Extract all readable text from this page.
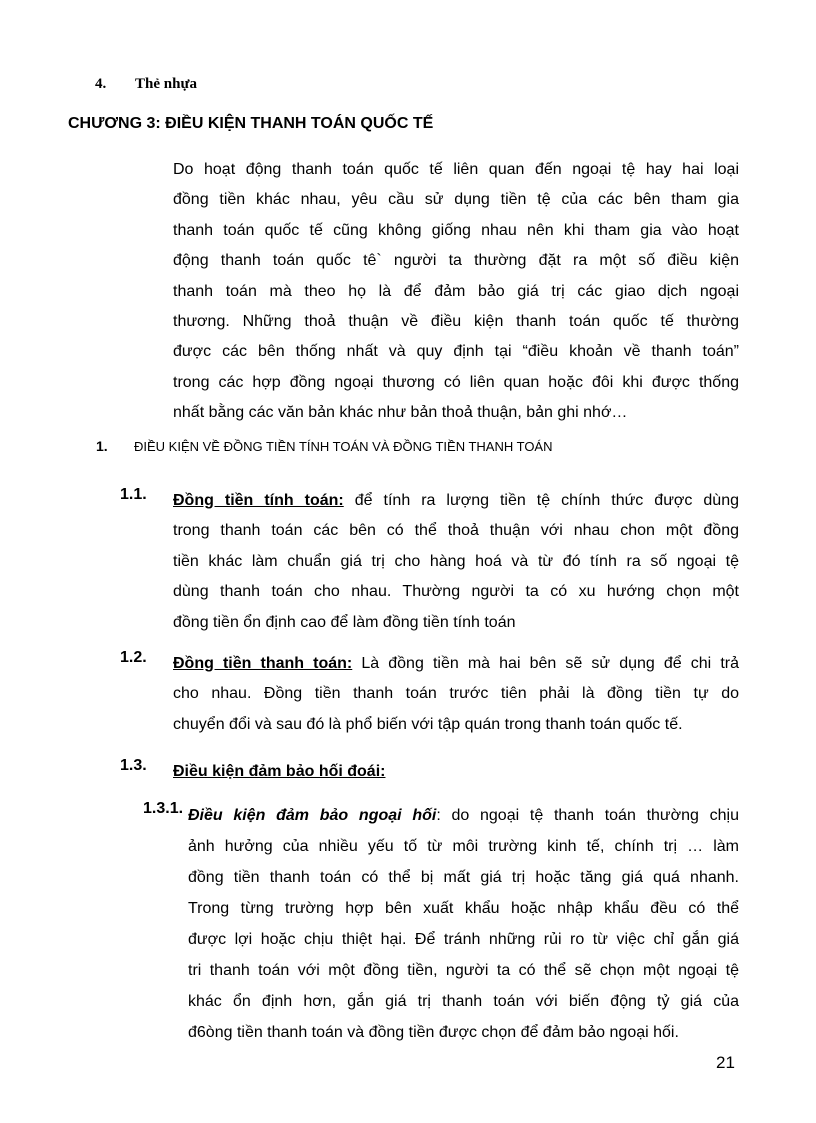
4. Thẻ nhựa
CHƯƠNG 3: ĐIỀU KIỆN THANH TOÁN QUỐC TẾ
Do hoạt động thanh toán quốc tế liên quan đến ngoại tệ hay hai loại
đồng tiền khác nhau, yêu cầu sử dụng tiền tệ của các bên tham gia
thanh toán quốc tế cũng không giống nhau nên khi tham gia vào hoạt
động thanh toán quốc tê` người ta thường đặt ra một số điều kiện
thanh toán mà theo họ là để đảm bảo giá trị các giao dịch ngoại
thương. Những thoả thuận về điều kiện thanh toán quốc tế thường
được các bên thống nhất và quy định tại “điều khoản về thanh toán”
trong các hợp đồng ngoại thương có liên quan hoặc đôi khi được thống
nhất bằng các văn bản khác như bản thoả thuận, bản ghi nhớ…
1. ĐIỀU KIỆN VỀ ĐỒNG TIỀN TÍNH TOÁN VÀ ĐỒNG TIỀN THANH TOÁN
1.1. Đồng tiền tính toán: để tính ra lượng tiền tệ chính thức được dùng
trong thanh toán các bên có thể thoả thuận với nhau chon một đồng
tiền khác làm chuẩn giá trị cho hàng hoá và từ đó tính ra số ngoại tệ
dùng thanh toán cho nhau. Thường người ta có xu hướng chọn một
đồng tiền ổn định cao để làm đồng tiền tính toán
1.2. Đồng tiền thanh toán: Là đồng tiền mà hai bên sẽ sử dụng để chi trả
cho nhau. Đồng tiền thanh toán trước tiên phải là đồng tiền tự do
chuyển đổi và sau đó là phổ biến với tập quán trong thanh toán quốc tế.
1.3. Điều kiện đảm bảo hối đoái:
1.3.1. Điều kiện đảm bảo ngoại hối: do ngoại tệ thanh toán thường chịu
ảnh hưởng của nhiều yếu tố từ môi trường kinh tế, chính trị … làm
đồng tiền thanh toán có thể bị mất giá trị hoặc tăng giá quá nhanh.
Trong từng trường hợp bên xuất khẩu hoặc nhập khẩu đều có thể
được lợi hoặc chịu thiệt hại. Để tránh những rủi ro từ việc chỉ gắn giá
tri thanh toán với một đồng tiền, người ta có thể sẽ chọn một ngoại tệ
khác ổn định hơn, gắn giá trị thanh toán với biến động tỷ giá của
đ6òng tiền thanh toán và đồng tiền được chọn để đảm bảo ngoại hối.
21
